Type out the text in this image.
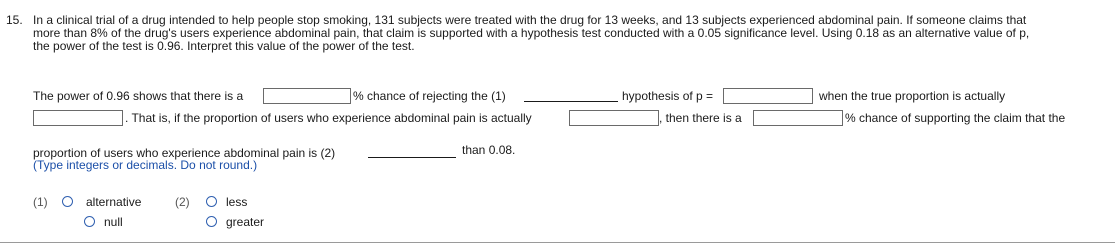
15. In a clinical trial of a drug intended to help people stop smoking, 131 subjects were treated with the drug for 13 weeks, and 13 subjects experienced abdominal pain. If someone claims that
more than 8% of the drug's users experience abdominal pain, that claim is supported with a hypothesis test conducted with a 0.05 significance level. Using 0.18 as an alternative value of p,
the power of the test is 0.96. Interpret this value of the power of the test.
The power of 0.96 shows that there is a	% chance of rejecting the (1)	hypothesis of p =	when the true proportion is actually
. That is, if the proportion of users who experience abdominal pain is actually	, then there is a	% chance of supporting the claim that the
proportion of users who experience abdominal pain is (2)	than 0.08.
(Type integers or decimals. Do not round.)
(1)	alternative
null
(2)	less
greater
